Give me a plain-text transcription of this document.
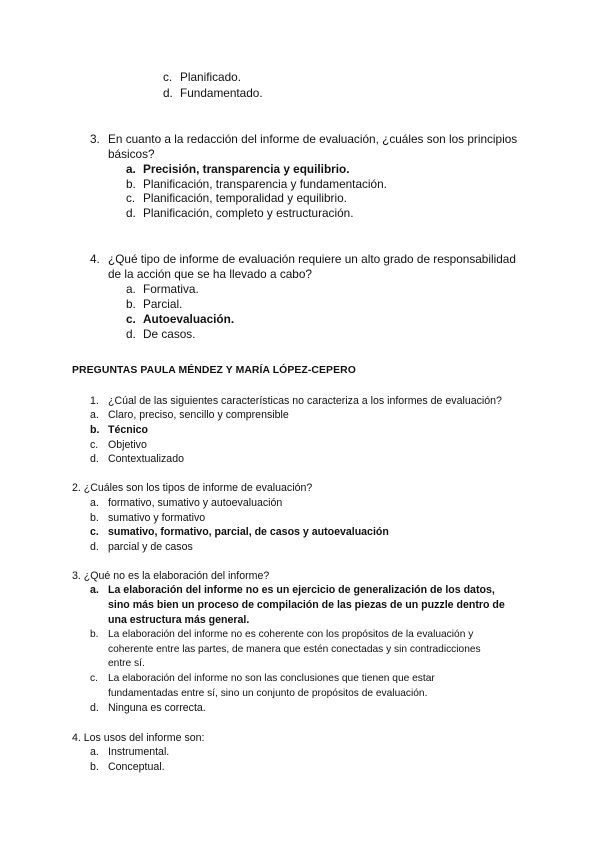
c. Planificado.
d. Fundamentado.
3. En cuanto a la redacción del informe de evaluación, ¿cuáles son los principios
básicos?
a. Precisión, transparencia y equilibrio.
b. Planificación, transparencia y fundamentación.
c. Planificación, temporalidad y equilibrio.
d. Planificación, completo y estructuración.
4. ¿Qué tipo de informe de evaluación requiere un alto grado de responsabilidad
de la acción que se ha llevado a cabo?
a. Formativa.
b. Parcial.
c. Autoevaluación.
d. De casos.
PREGUNTAS PAULA MÉNDEZ Y MARÍA LÓPEZ-CEPERO
1. ¿Cúal de las siguientes características no caracteriza a los informes de evaluación?
a. Claro, preciso, sencillo y comprensible
b. Técnico
c. Objetivo
d. Contextualizado
2. ¿Cuáles son los tipos de informe de evaluación?
a. formativo, sumativo y autoevaluación
b. sumativo y formativo
c. sumativo, formativo, parcial, de casos y autoevaluación
d. parcial y de casos
3. ¿Qué no es la elaboración del informe?
a. La elaboración del informe no es un ejercicio de generalización de los datos,
sino más bien un proceso de compilación de las piezas de un puzzle dentro de
una estructura más general.
b. La elaboración del informe no es coherente con los propósitos de la evaluación y
coherente entre las partes, de manera que estén conectadas y sin contradicciones
entre sí.
c. La elaboración del informe no son las conclusiones que tienen que estar
fundamentadas entre sí, sino un conjunto de propósitos de evaluación.
d. Ninguna es correcta.
4. Los usos del informe son:
a. Instrumental.
b. Conceptual.
